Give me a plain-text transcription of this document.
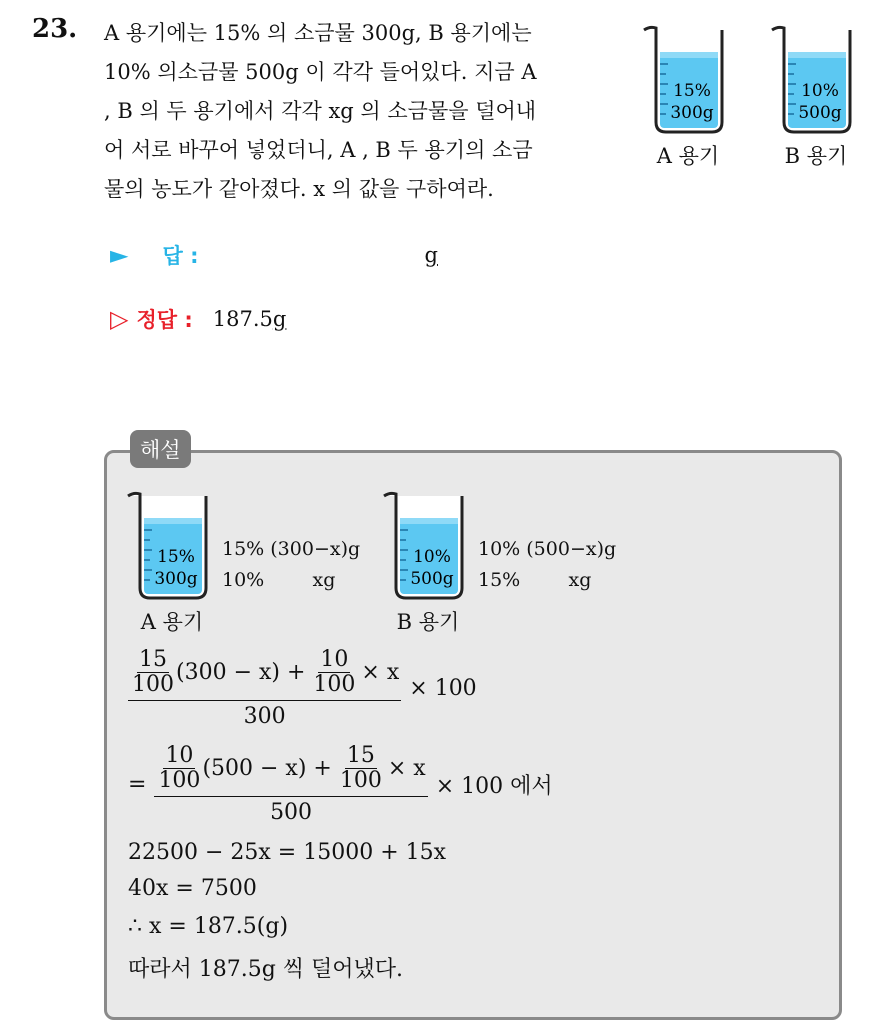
23. A 용기에는 15% 의 소금물 300g, B 용기에는

10% 의소금물 500g 이 각각 들어있다. 지금 A

, B 의 두 용기에서 각각 xg 의 소금물을 덜어내

어 서로 바꾸어 넣었더니, A , B 두 용기의 소금

물의 농도가 같아졌다. x 의 값을 구하여라.

15%
300g
A 용기
10%
500g
B 용기
► 답 :	g
▷ 정답 : 187.5 g
해설
15%
300g
A 용기
15% (300−x)g
10%        xg
10%
500g
B 용기
10% (500−x)g
15%        xg
$\frac{\frac{15}{100} (300 - x) + \frac{10}{100} \times x}{300} \times 100$
= $\frac{\frac{10}{100} (500 - x) + \frac{15}{100} \times x}{500} \times 100$ 에서
22500 − 25x = 15000 + 15x
40x = 7500
∴ x = 187.5(g)
따라서 187.5g 씩 덜어냈다.
